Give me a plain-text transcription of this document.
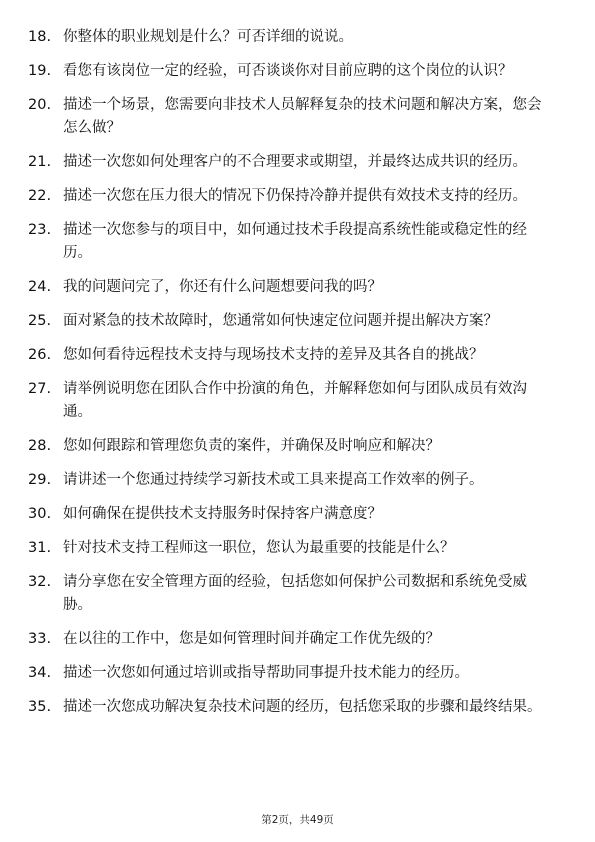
18. 你整体的职业规划是什么？可否详细的说说。
19. 看您有该岗位一定的经验，可否谈谈你对目前应聘的这个岗位的认识？
20. 描述一个场景，您需要向非技术人员解释复杂的技术问题和解决方案，您会怎么做？
21. 描述一次您如何处理客户的不合理要求或期望，并最终达成共识的经历。
22. 描述一次您在压力很大的情况下仍保持冷静并提供有效技术支持的经历。
23. 描述一次您参与的项目中，如何通过技术手段提高系统性能或稳定性的经历。
24. 我的问题问完了，你还有什么问题想要问我的吗？
25. 面对紧急的技术故障时，您通常如何快速定位问题并提出解决方案？
26. 您如何看待远程技术支持与现场技术支持的差异及其各自的挑战？
27. 请举例说明您在团队合作中扮演的角色，并解释您如何与团队成员有效沟通。
28. 您如何跟踪和管理您负责的案件，并确保及时响应和解决？
29. 请讲述一个您通过持续学习新技术或工具来提高工作效率的例子。
30. 如何确保在提供技术支持服务时保持客户满意度？
31. 针对技术支持工程师这一职位，您认为最重要的技能是什么？
32. 请分享您在安全管理方面的经验，包括您如何保护公司数据和系统免受威胁。
33. 在以往的工作中，您是如何管理时间并确定工作优先级的？
34. 描述一次您如何通过培训或指导帮助同事提升技术能力的经历。
35. 描述一次您成功解决复杂技术问题的经历，包括您采取的步骤和最终结果。
第2页，共49页
